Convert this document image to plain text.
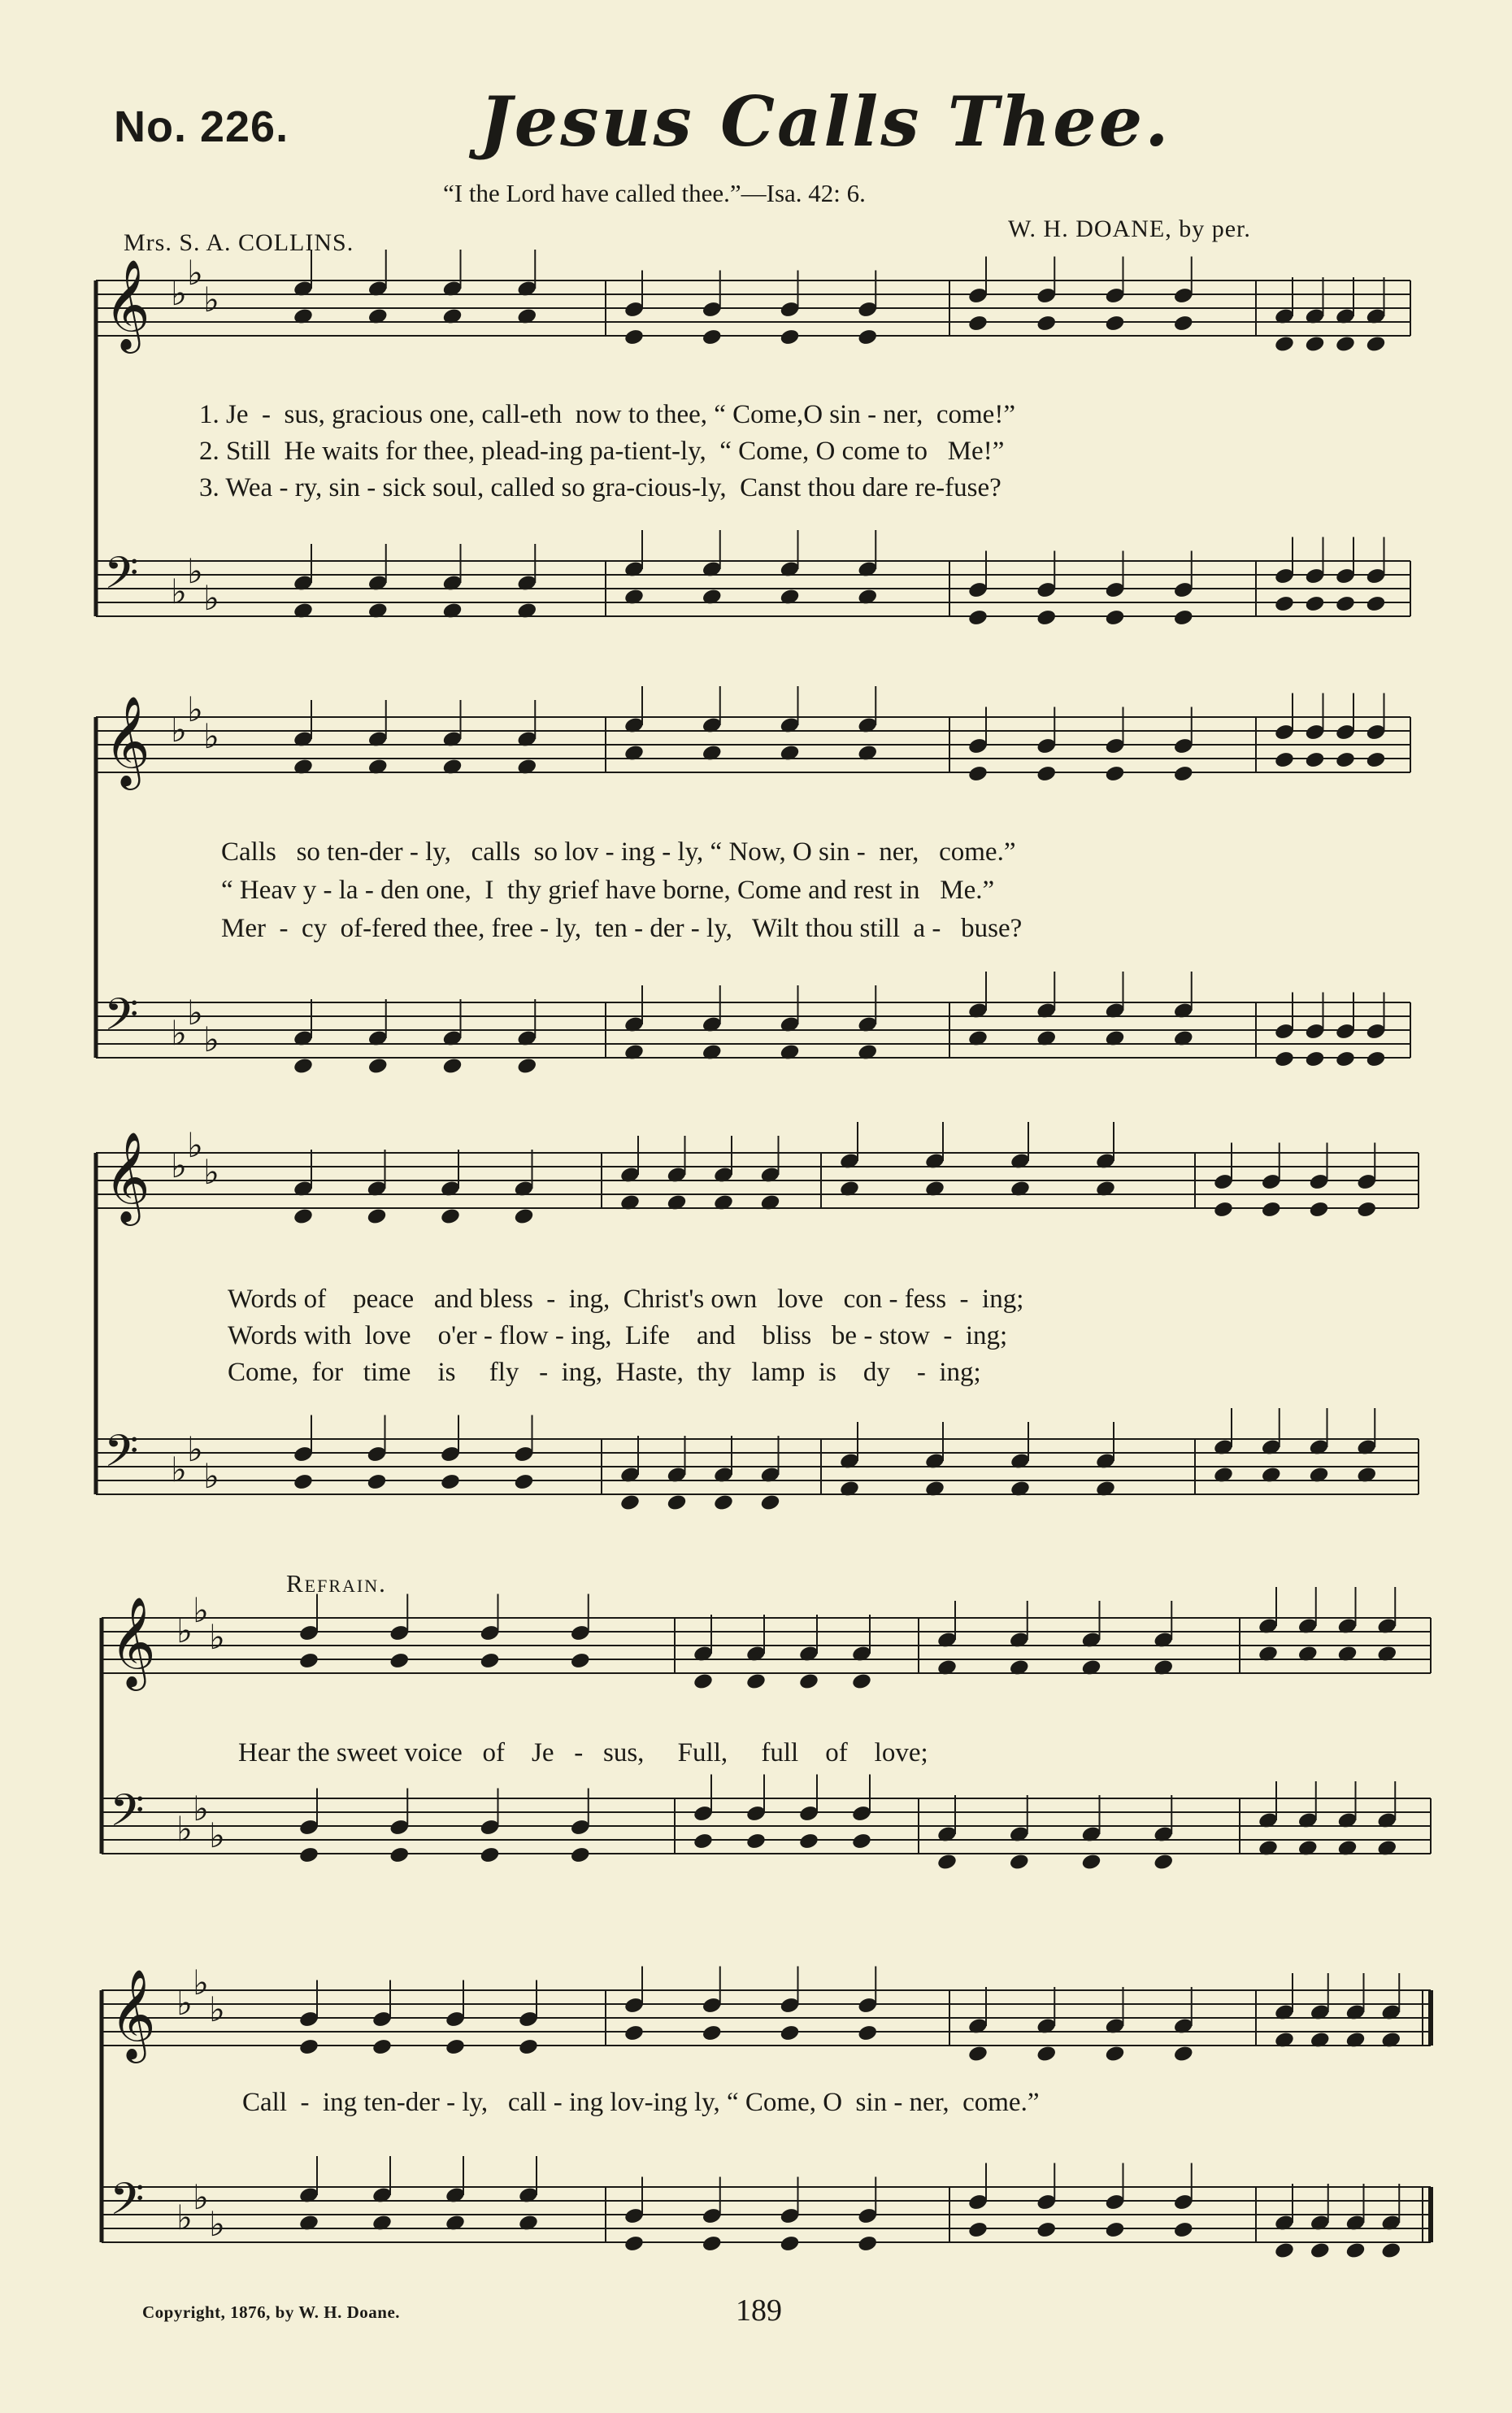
No. 226.	Jesus Calls Thee.
“I the Lord have called thee.”—Isa. 42: 6.
Mrs. S. A. COLLINS.
W. H. DOANE, by per.
𝄞 ♭
♭
♭
𝄢 ♭
♭
♭
𝄞 ♭
♭
♭
𝄢 ♭
♭
♭
𝄞 ♭
♭
♭
𝄢 ♭
♭
♭
𝄞 ♭
♭
♭
𝄢 ♭
♭
♭
𝄞 ♭
♭
♭
𝄢 ♭
♭
♭
1. Je  -  sus, gracious one, call-eth  now to thee, “ Come,O sin - ner,  come!”
2. Still  He waits for thee, plead-ing pa-tient-ly,  “ Come, O come to   Me!”
3. Wea - ry, sin - sick soul, called so gra-cious-ly,  Canst thou dare re-fuse?
Calls   so ten-der - ly,   calls  so lov - ing - ly, “ Now, O sin -  ner,   come.”
“ Heav y - la - den one,  I  thy grief have borne, Come and rest in   Me.”
Mer  -  cy  of-fered thee, free - ly,  ten - der - ly,   Wilt thou still  a -   buse?
Words of    peace   and bless  -  ing,  Christ's own   love   con - fess  -  ing;
Words with  love    o'er - flow - ing,  Life    and    bliss   be - stow  -  ing;
Come,  for   time    is     fly   -  ing,  Haste,  thy   lamp  is    dy    -  ing;
Refrain.
Hear the sweet voice   of    Je   -   sus,     Full,     full    of    love;
Call  -  ing ten-der - ly,   call - ing lov-ing ly, “ Come, O  sin - ner,  come.”
Copyright, 1876, by W. H. Doane.	189
